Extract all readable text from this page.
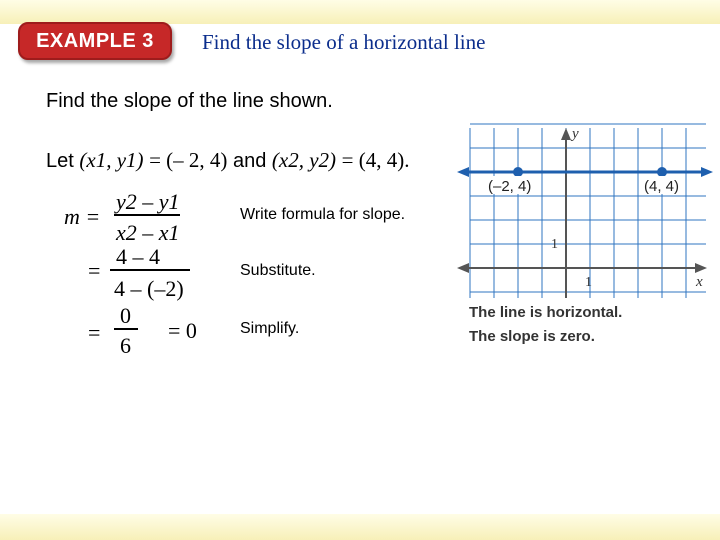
EXAMPLE 3	Find the slope of a horizontal line
Find the slope of the line shown.
Let (x1, y1) = (– 2, 4) and (x2, y2) = (4, 4).
m =
y2 – y1
x2 – x1
Write formula for slope.
=
4 – 4
4 – (–2)
Substitute.
=
0
6
= 0	Simplify.
(–2, 4)	(4, 4)
y
x
1
1
The line is horizontal.
The slope is zero.
